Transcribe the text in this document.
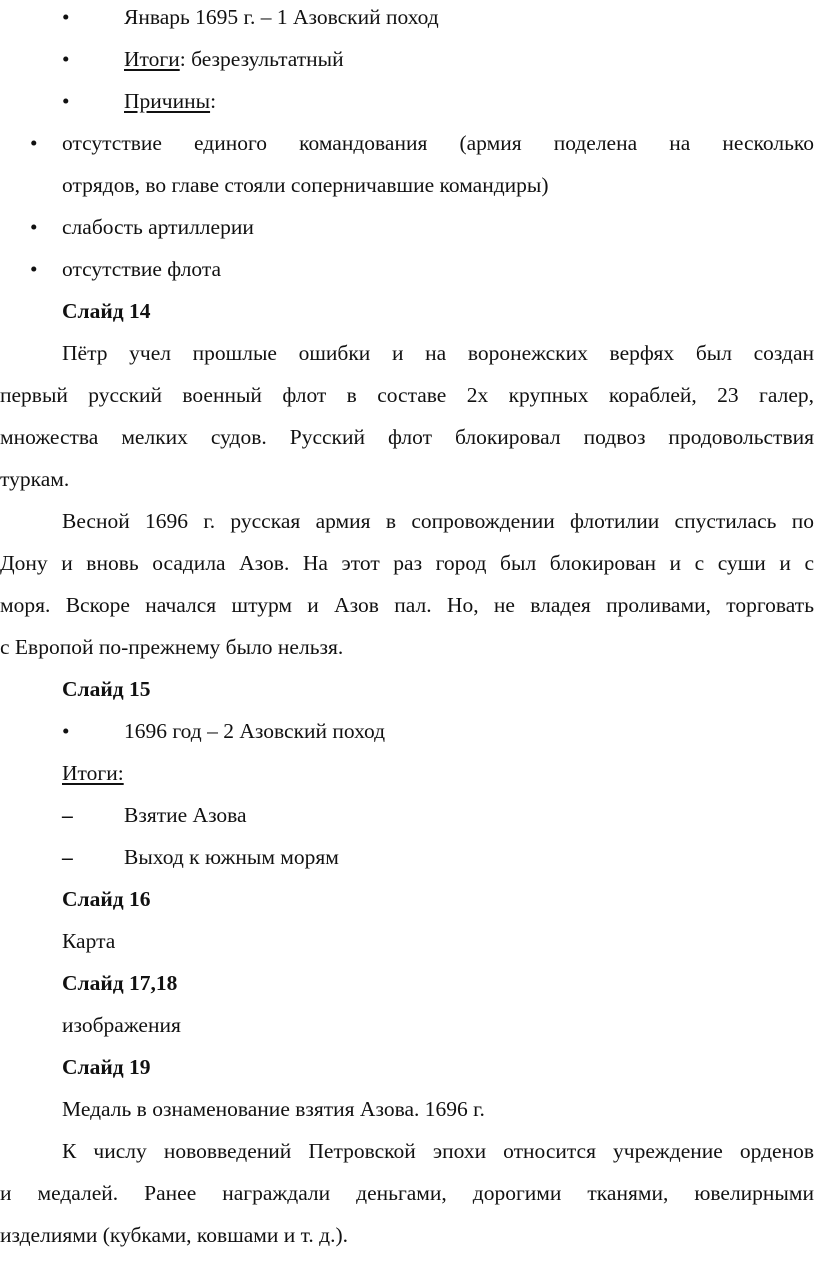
•	Январь 1695 г. – 1 Азовский поход
•	Итоги: безрезультатный
•	Причины:
• отсутствие единого командования (армия поделена на несколько
отрядов, во главе стояли соперничавшие командиры)
• слабость артиллерии
• отсутствие флота
Слайд 14
Пётр учел прошлые ошибки и на воронежских верфях был создан
первый русский военный флот в составе 2х крупных кораблей, 23 галер,
множества мелких судов. Русский флот блокировал подвоз продовольствия
туркам.
Весной 1696 г. русская армия в сопровождении флотилии спустилась по
Дону и вновь осадила Азов. На этот раз город был блокирован и с суши и с
моря. Вскоре начался штурм и Азов пал. Но, не владея проливами, торговать
с Европой по-прежнему было нельзя.
Слайд 15
•	1696 год – 2 Азовский поход
Итоги:
– Взятие Азова
– Выход к южным морям
Слайд 16
Карта
Слайд 17,18
изображения
Слайд 19
Медаль в ознаменование взятия Азова. 1696 г.
К числу нововведений Петровской эпохи относится учреждение орденов
и медалей. Ранее награждали деньгами, дорогими тканями, ювелирными
изделиями (кубками, ковшами и т. д.).
